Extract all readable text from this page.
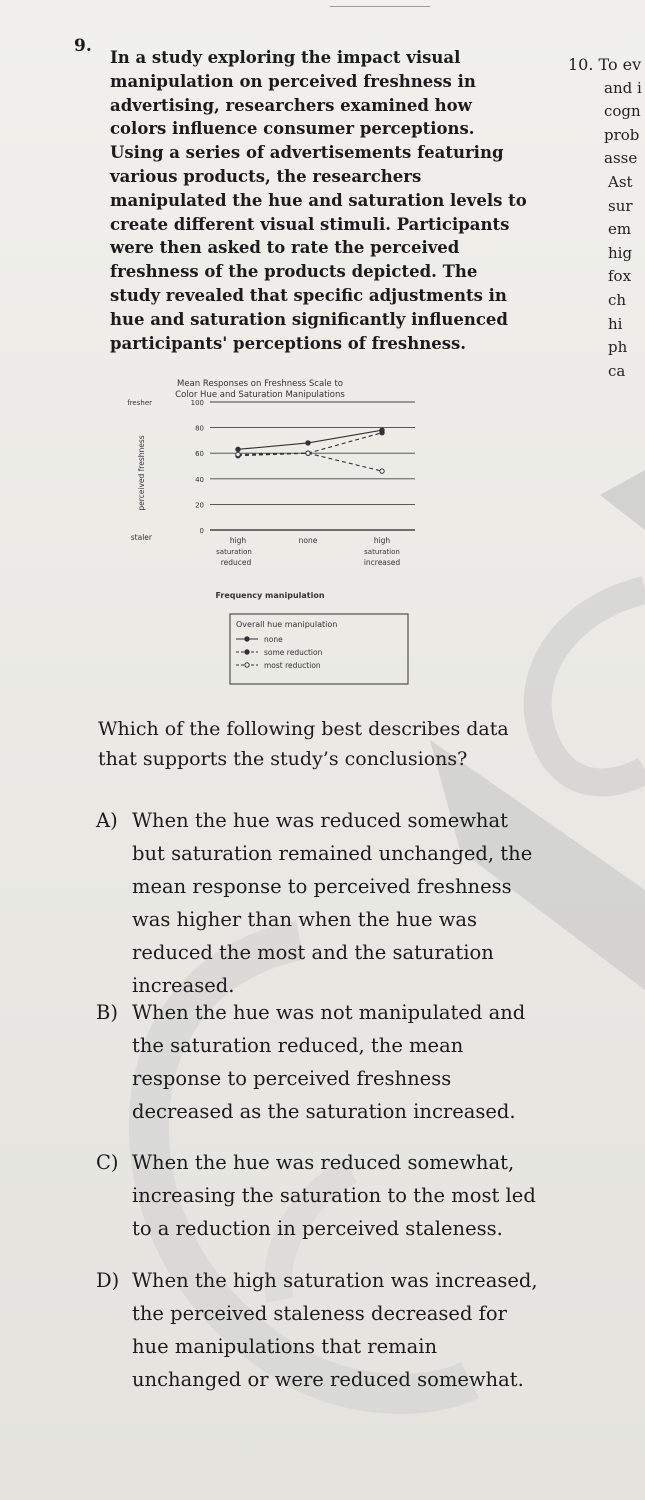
9.
In a study exploring the impact visual
manipulation on perceived freshness in
advertising, researchers examined how
colors influence consumer perceptions.
Using a series of advertisements featuring
various products, the researchers
manipulated the hue and saturation levels to
create different visual stimuli. Participants
were then asked to rate the perceived
freshness of the products depicted. The
study revealed that specific adjustments in
hue and saturation significantly influenced
participants' perceptions of freshness.
10. To ev
and i
cogn
prob
asse
Ast
sur
em
hig
fox
ch
hi
ph
ca
Mean Responses on Freshness Scale to
Color Hue and Saturation Manipulations
100
80
60
40
20
0
fresher
staler
perceived freshness
high
saturation
reduced
none	high
saturation
increased
Frequency manipulation
Overall hue manipulation
none
some reduction
most reduction
Which of the following best describes data
that supports the study’s conclusions?
A) When the hue was reduced somewhat
but saturation remained unchanged, the
mean response to perceived freshness
was higher than when the hue was
reduced the most and the saturation
increased.
B) When the hue was not manipulated and
the saturation reduced, the mean
response to perceived freshness
decreased as the saturation increased.
C) When the hue was reduced somewhat,
increasing the saturation to the most led
to a reduction in perceived staleness.
D) When the high saturation was increased,
the perceived staleness decreased for
hue manipulations that remain
unchanged or were reduced somewhat.
